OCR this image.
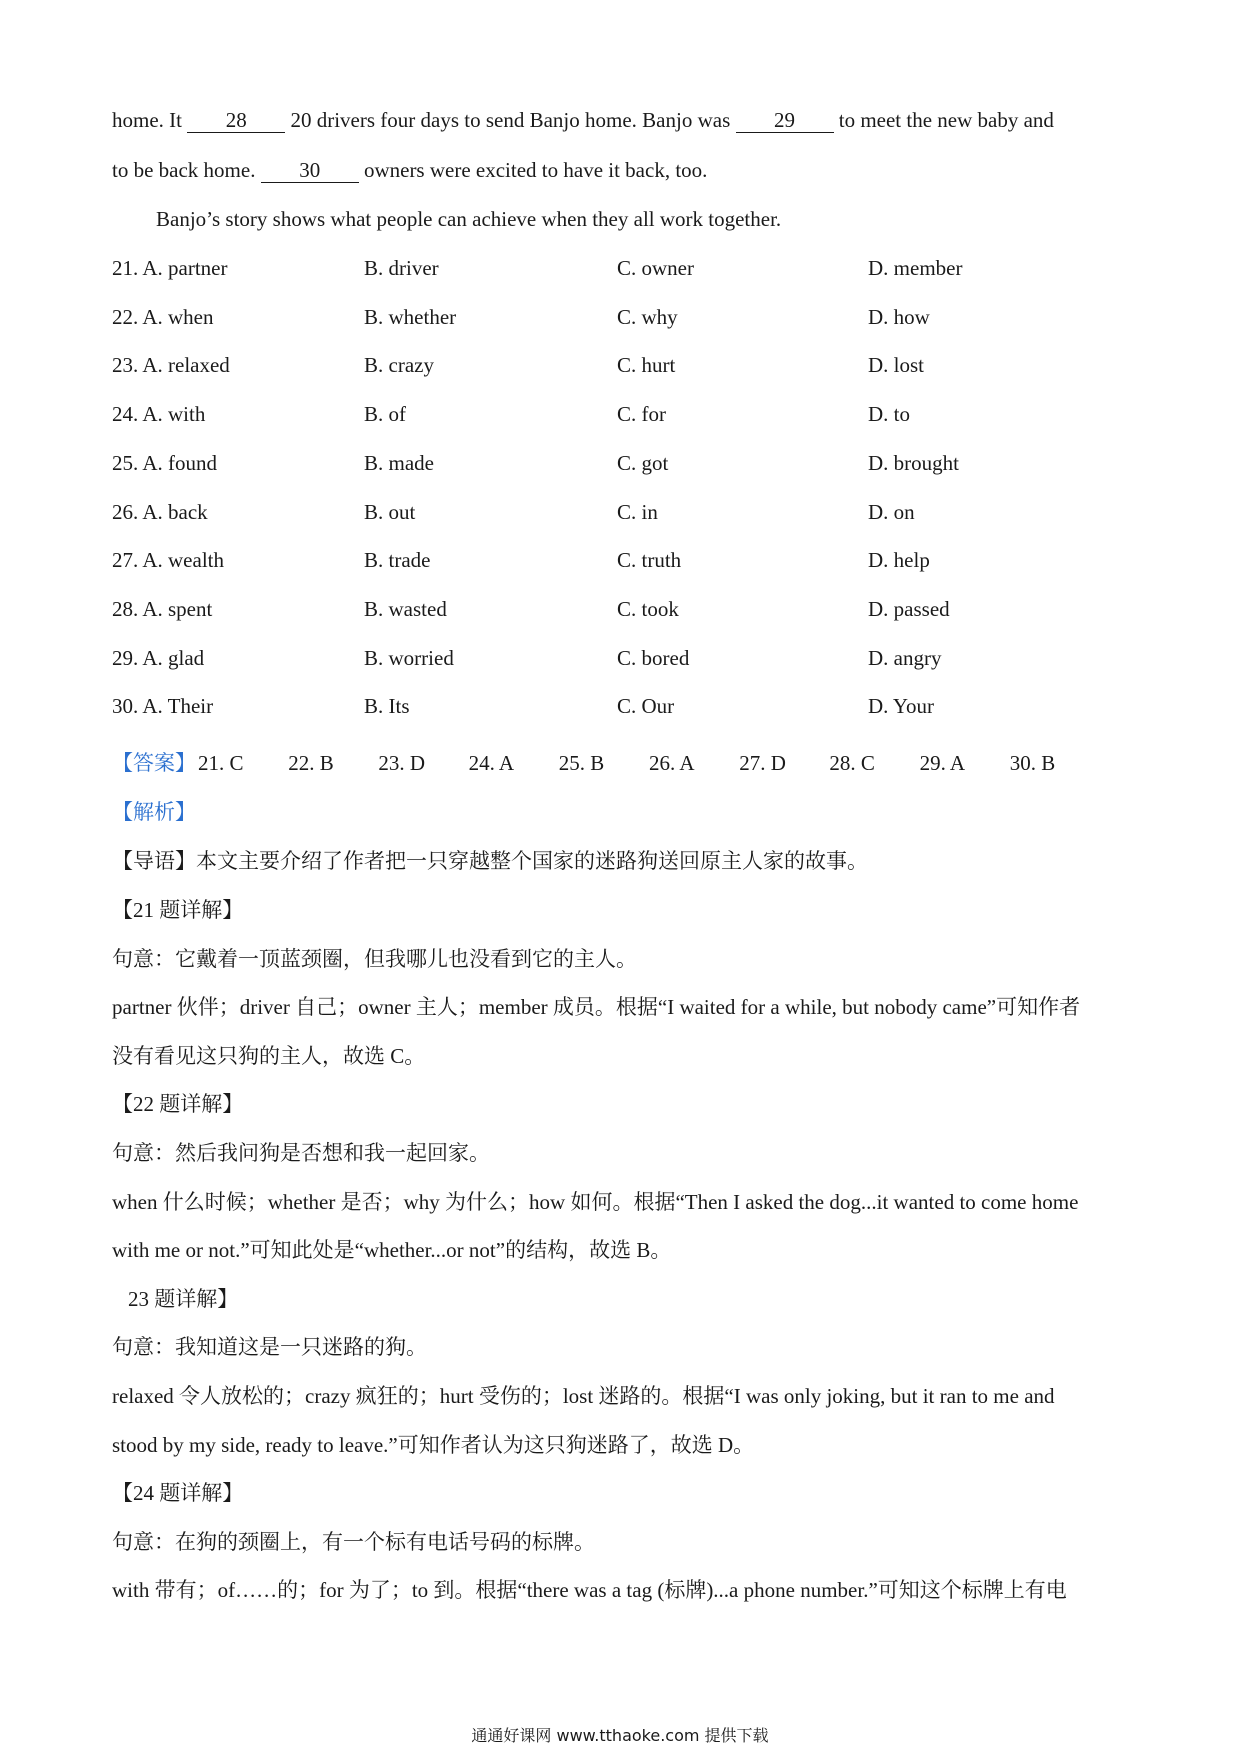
home. It 28 20 drivers four days to send Banjo home. Banjo was 29 to meet the new baby and
to be back home. 30 owners were excited to have it back, too.
Banjo’s story shows what people can achieve when they all work together.
21. A. partner	B. driver	C. owner	D. member
22. A. when	B. whether	C. why	D. how
23. A. relaxed	B. crazy	C. hurt	D. lost
24. A. with	B. of	C. for	D. to
25. A. found	B. made	C. got	D. brought
26. A. back	B. out	C. in	D. on
27. A. wealth	B. trade	C. truth	D. help
28. A. spent	B. wasted	C. took	D. passed
29. A. glad	B. worried	C. bored	D. angry
30. A. Their	B. Its	C. Our	D. Your
【答案】 21. C 22. B 23. D 24. A 25. B 26. A 27. D 28. C 29. A 30. B
【解析】
【导语】本文主要介绍了作者把一只穿越整个国家的迷路狗送回原主人家的故事。
【21 题详解】
句意：它戴着一顶蓝颈圈，但我哪儿也没看到它的主人。
partner 伙伴；driver 自己；owner 主人；member 成员。根据“I waited for a while, but nobody came”可知作者
没有看见这只狗的主人，故选 C。
【22 题详解】
句意：然后我问狗是否想和我一起回家。
when 什么时候；whether 是否；why 为什么；how 如何。根据“Then I asked the dog...it wanted to come home
with me or not.”可知此处是“whether...or not”的结构，故选 B。
23 题详解】
句意：我知道这是一只迷路的狗。
relaxed 令人放松的；crazy 疯狂的；hurt 受伤的；lost 迷路的。根据“I was only joking, but it ran to me and
stood by my side, ready to leave.”可知作者认为这只狗迷路了，故选 D。
【24 题详解】
句意：在狗的颈圈上，有一个标有电话号码的标牌。
with 带有；of……的；for 为了；to 到。根据“there was a tag (标牌)...a phone number.”可知这个标牌上有电
通通好课网 www.tthaoke.com 提供下载
